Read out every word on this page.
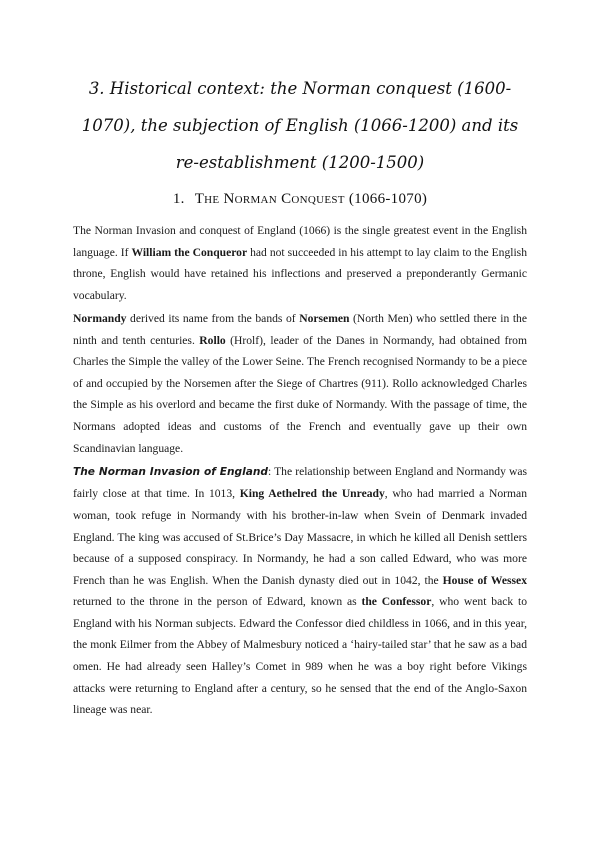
3. Historical context: the Norman conquest (1600-1070), the subjection of English (1066-1200) and its re-establishment (1200-1500)
1. The Norman Conquest (1066-1070)

The Norman Invasion and conquest of England (1066) is the single greatest event in the English language. If William the Conqueror had not succeeded in his attempt to lay claim to the English throne, English would have retained his inflections and preserved a preponderantly Germanic vocabulary.

Normandy derived its name from the bands of Norsemen (North Men) who settled there in the ninth and tenth centuries. Rollo (Hrolf), leader of the Danes in Normandy, had obtained from Charles the Simple the valley of the Lower Seine. The French recognised Normandy to be a piece of and occupied by the Norsemen after the Siege of Chartres (911). Rollo acknowledged Charles the Simple as his overlord and became the first duke of Normandy. With the passage of time, the Normans adopted ideas and customs of the French and eventually gave up their own Scandinavian language.

The Norman Invasion of England: The relationship between England and Normandy was fairly close at that time. In 1013, King Aethelred the Unready, who had married a Norman woman, took refuge in Normandy with his brother-in-law when Svein of Denmark invaded England. The king was accused of St.Brice’s Day Massacre, in which he killed all Denish settlers because of a supposed conspiracy. In Normandy, he had a son called Edward, who was more French than he was English. When the Danish dynasty died out in 1042, the House of Wessex returned to the throne in the person of Edward, known as the Confessor, who went back to England with his Norman subjects. Edward the Confessor died childless in 1066, and in this year, the monk Eilmer from the Abbey of Malmesbury noticed a ‘hairy-tailed star’ that he saw as a bad omen. He had already seen Halley’s Comet in 989 when he was a boy right before Vikings attacks were returning to England after a century, so he sensed that the end of the Anglo-Saxon lineage was near.
